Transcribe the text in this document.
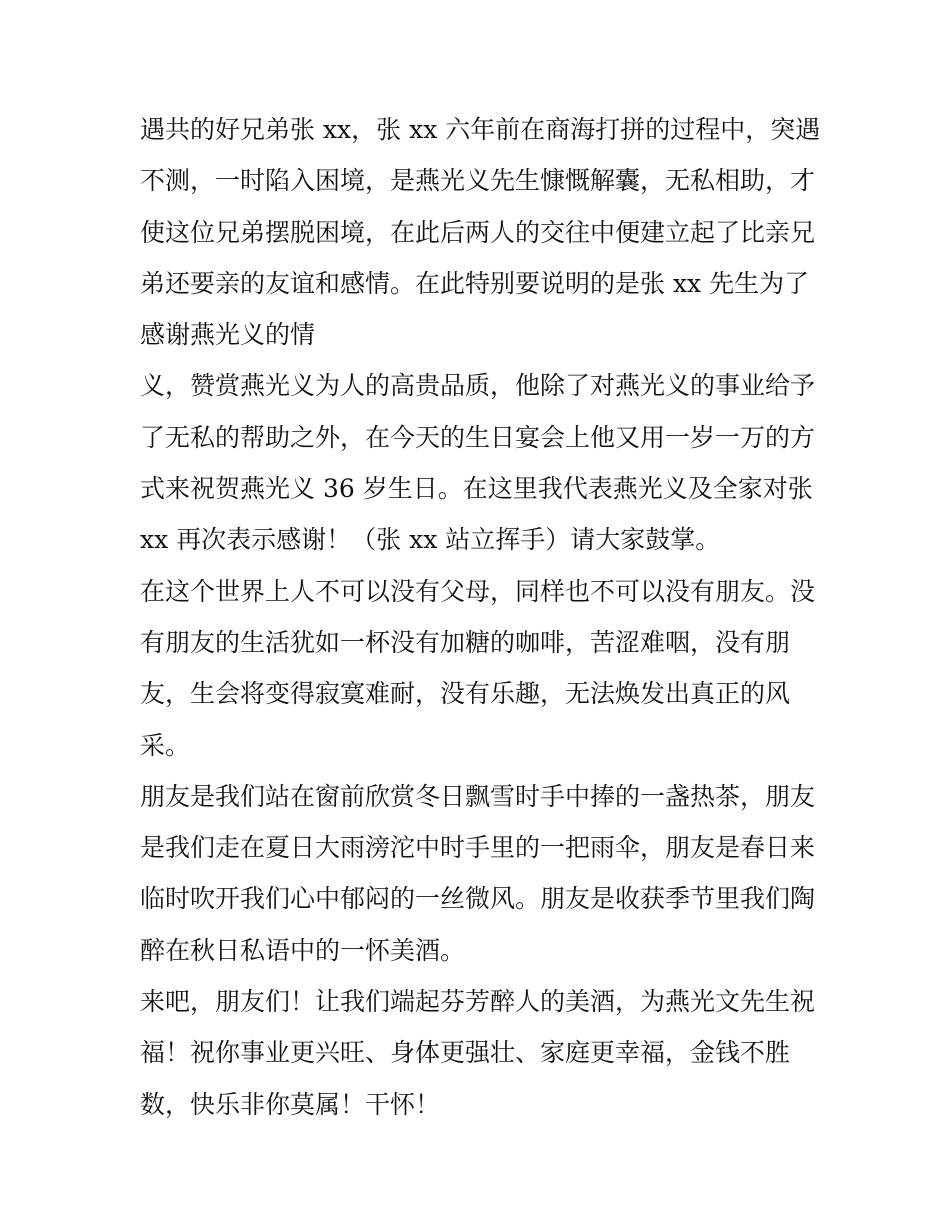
遇共的好兄弟张 xx，张 xx 六年前在商海打拼的过程中，突遇
不测，一时陷入困境，是燕光义先生慷慨解囊，无私相助，才
使这位兄弟摆脱困境，在此后两人的交往中便建立起了比亲兄
弟还要亲的友谊和感情。在此特别要说明的是张 xx 先生为了
感谢燕光义的情
义，赞赏燕光义为人的高贵品质，他除了对燕光义的事业给予
了无私的帮助之外，在今天的生日宴会上他又用一岁一万的方
式来祝贺燕光义 36 岁生日。在这里我代表燕光义及全家对张
xx 再次表示感谢！（张 xx 站立挥手）请大家鼓掌。
在这个世界上人不可以没有父母，同样也不可以没有朋友。没
有朋友的生活犹如一杯没有加糖的咖啡，苦涩难咽，没有朋
友，生会将变得寂寞难耐，没有乐趣，无法焕发出真正的风
采。
朋友是我们站在窗前欣赏冬日飘雪时手中捧的一盏热茶，朋友
是我们走在夏日大雨滂沱中时手里的一把雨伞，朋友是春日来
临时吹开我们心中郁闷的一丝微风。朋友是收获季节里我们陶
醉在秋日私语中的一怀美酒。
来吧，朋友们！让我们端起芬芳醉人的美酒，为燕光文先生祝
福！祝你事业更兴旺、身体更强壮、家庭更幸福，金钱不胜
数，快乐非你莫属！干怀！
